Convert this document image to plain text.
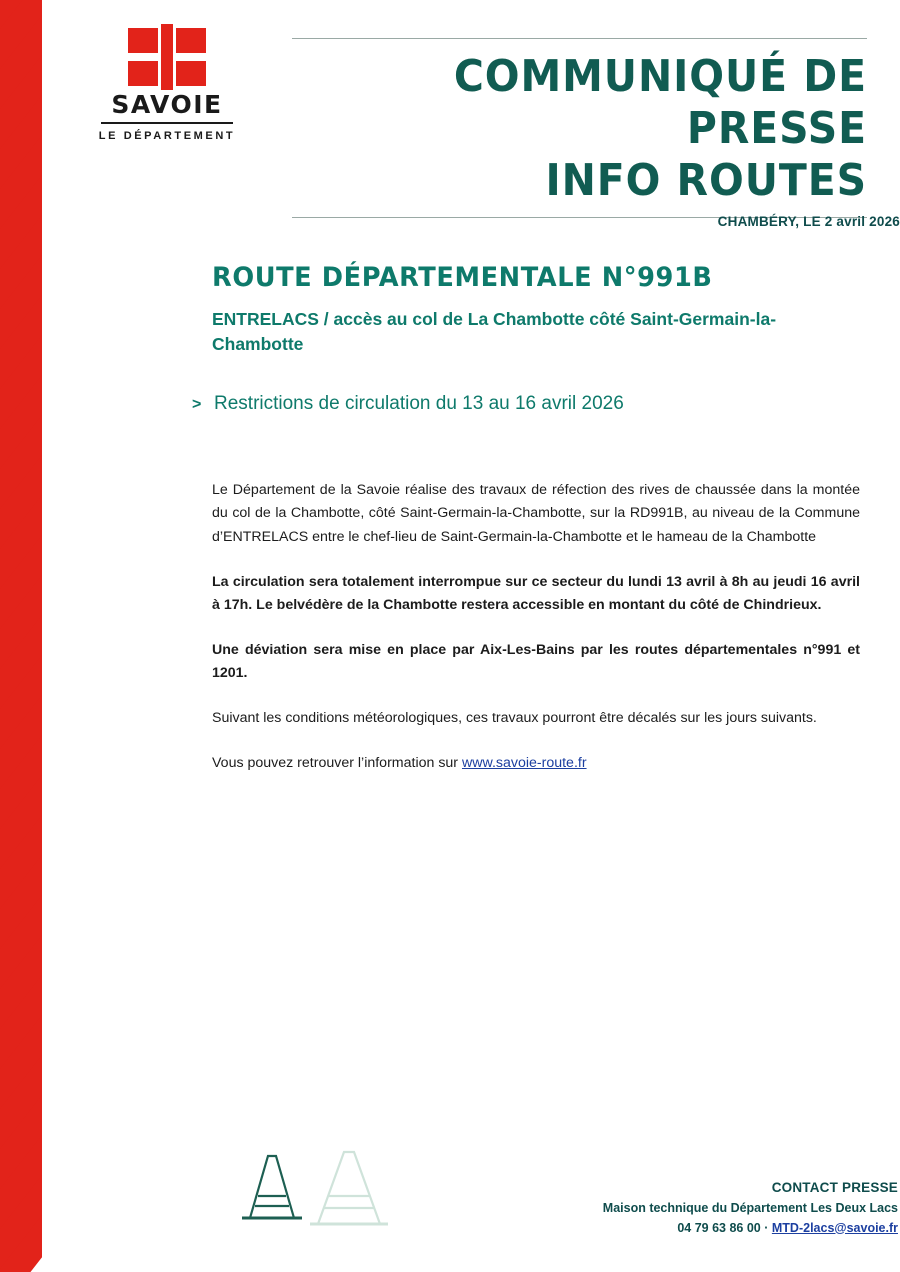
SAVOIE
LE DÉPARTEMENT
COMMUNIQUÉ DE PRESSE
INFO ROUTES
CHAMBÉRY, LE 2 avril 2026
ROUTE DÉPARTEMENTALE N°991B
ENTRELACS / accès au col de La Chambotte côté Saint-Germain-la-Chambotte
> Restrictions de circulation du 13 au 16 avril 2026

Le Département de la Savoie réalise des travaux de réfection des rives de chaussée dans la montée du col de la Chambotte, côté Saint-Germain-la-Chambotte, sur la RD991B, au niveau de la Commune d’ENTRELACS entre le chef-lieu de Saint-Germain-la-Chambotte et le hameau de la Chambotte

La circulation sera totalement interrompue sur ce secteur du lundi 13 avril à 8h au jeudi 16 avril à 17h. Le belvédère de la Chambotte restera accessible en montant du côté de Chindrieux.

Une déviation sera mise en place par Aix-Les-Bains par les routes départementales n°991 et 1201.

Suivant les conditions météorologiques, ces travaux pourront être décalés sur les jours suivants.

Vous pouvez retrouver l’information sur www.savoie-route.fr

CONTACT PRESSE
Maison technique du Département Les Deux Lacs
04 79 63 86 00 · MTD-2lacs@savoie.fr
